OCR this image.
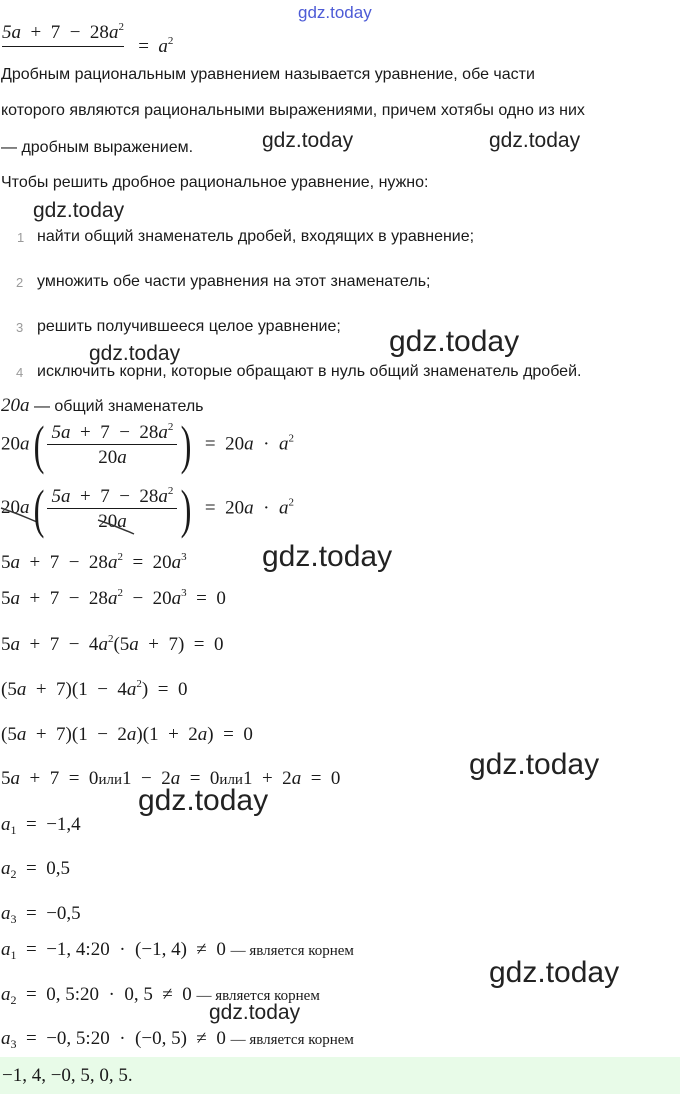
gdz.today
$5a + 7 - 28a^2 = a^2$
Дробным рациональным уравнением называется уравнение, обе части
которого являются рациональными выражениями, причем хотябы одно из них
— дробным выражением.	gdz.today	gdz.today
Чтобы решить дробное рациональное уравнение, нужно:
gdz.today
1 найти общий знаменатель дробей, входящих в уравнение;
2 умножить обе части уравнения на этот знаменатель;
3 решить получившееся целое уравнение; gdz.today
gdz.today
4 исключить корни, которые обращают в нуль общий знаменатель дробей.
20a — общий знаменатель
$20a( \frac{5a + 7 - 28a^2}{20a}$ )  =  $20a \cdot a^2$
20a
( $\frac{5a + 7 - 28a^2}{20a}$ )  =  $20a \cdot a^2$
$5a + 7 - 28a^2 = 20a^3$	gdz.today
$5a + 7 - 28a^2 - 20a^3 = 0$
$5a + 7 - 4a^2(5a + 7) = 0$
$(5a + 7)(1 - 4a^2) = 0$
(5a  +  7)(1  −  2a)(1  +  2a)  =  0
5a  +  7  =  0или1  −  2a  =  0или1  +  2a  =  0	gdz.today
gdz.today
$a_1 = -1,4$
$a_2 = 0,5$
$a_3 = -0,5$
$a_1 = -1$, 4:20  ·  (−1, 4)  ≠  0 — является корнем
gdz.today
$a_2 = 0$, 5:20  ·  0, 5  ≠  0 — является корнем
gdz.today
$a_3 = -0$, 5:20  ·  (−0, 5)  ≠  0 — является корнем
−1, 4, −0, 5, 0, 5.
